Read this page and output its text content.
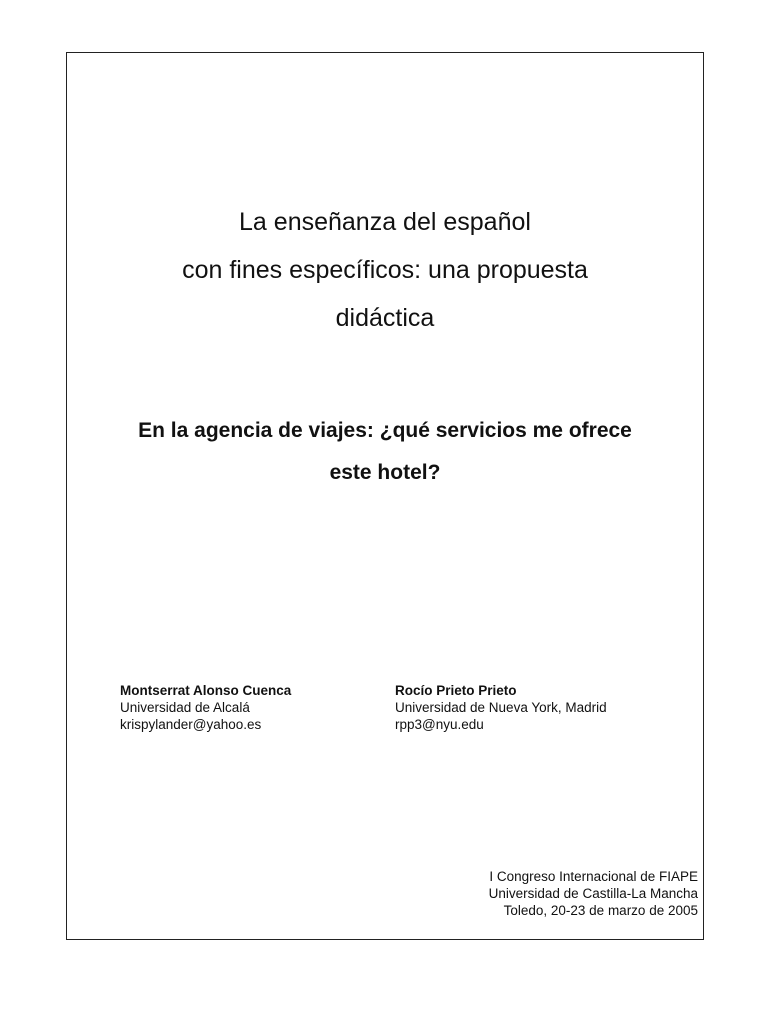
La enseñanza del español
con fines específicos: una propuesta
didáctica
En la agencia de viajes: ¿qué servicios me ofrece
este hotel?
Montserrat Alonso Cuenca
Universidad de Alcalá
krispylander@yahoo.es
Rocío Prieto Prieto
Universidad de Nueva York, Madrid
rpp3@nyu.edu
I Congreso Internacional de FIAPE
Universidad de Castilla-La Mancha
Toledo, 20-23 de marzo de 2005
